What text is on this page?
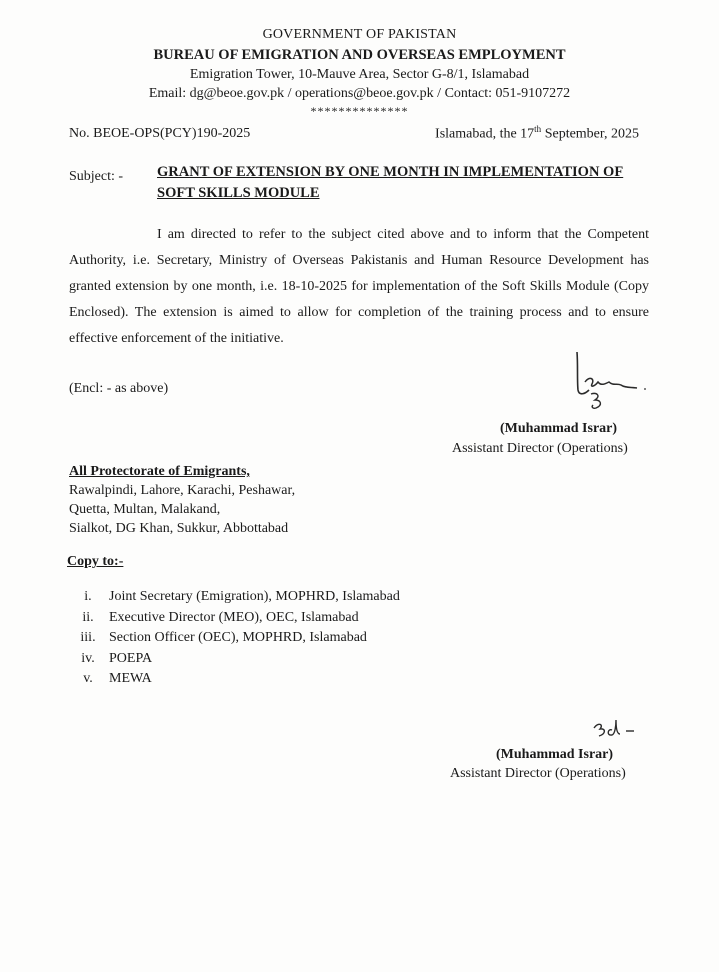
GOVERNMENT OF PAKISTAN
BUREAU OF EMIGRATION AND OVERSEAS EMPLOYMENT
Emigration Tower, 10-Mauve Area, Sector G-8/1, Islamabad
Email: dg@beoe.gov.pk / operations@beoe.gov.pk / Contact: 051-9107272
**************
No. BEOE-OPS(PCY)190-2025	Islamabad, the 17th September, 2025
Subject: - GRANT OF EXTENSION BY ONE MONTH IN IMPLEMENTATION OF SOFT SKILLS MODULE
I am directed to refer to the subject cited above and to inform that the Competent Authority, i.e. Secretary, Ministry of Overseas Pakistanis and Human Resource Development has granted extension by one month, i.e. 18-10-2025 for implementation of the Soft Skills Module (Copy Enclosed). The extension is aimed to allow for completion of the training process and to ensure effective enforcement of the initiative.
(Encl: - as above)
(Muhammad Israr)
Assistant Director (Operations)
All Protectorate of Emigrants,
Rawalpindi, Lahore, Karachi, Peshawar,
Quetta, Multan, Malakand,
Sialkot, DG Khan, Sukkur, Abbottabad
Copy to:-
i.	Joint Secretary (Emigration), MOPHRD, Islamabad
ii.	Executive Director (MEO), OEC, Islamabad
iii. Section Officer (OEC), MOPHRD, Islamabad
iv.	POEPA
v.	MEWA
(Muhammad Israr)
Assistant Director (Operations)
